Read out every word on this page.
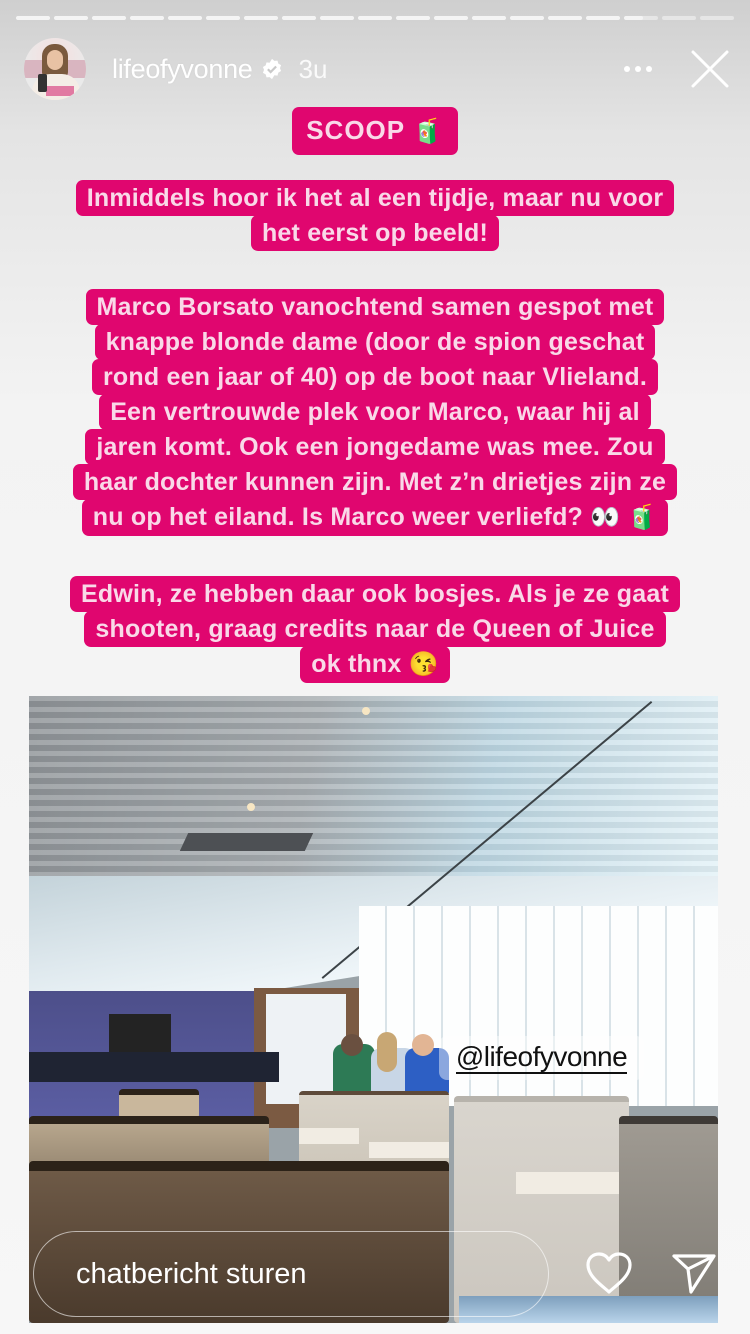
lifeofyvonne 3u
SCOOP 🧃
Inmiddels hoor ik het al een tijdje, maar nu voor
het eerst op beeld!
Marco Borsato vanochtend samen gespot met
knappe blonde dame (door de spion geschat
rond een jaar of 40) op de boot naar Vlieland.
Een vertrouwde plek voor Marco, waar hij al
jaren komt. Ook een jongedame was mee. Zou
haar dochter kunnen zijn. Met z’n drietjes zijn ze
nu op het eiland. Is Marco weer verliefd? 👀 🧃
Edwin, ze hebben daar ook bosjes. Als je ze gaat
shooten, graag credits naar de Queen of Juice
ok thnx 😘
@lifeofyvonne
chatbericht sturen
